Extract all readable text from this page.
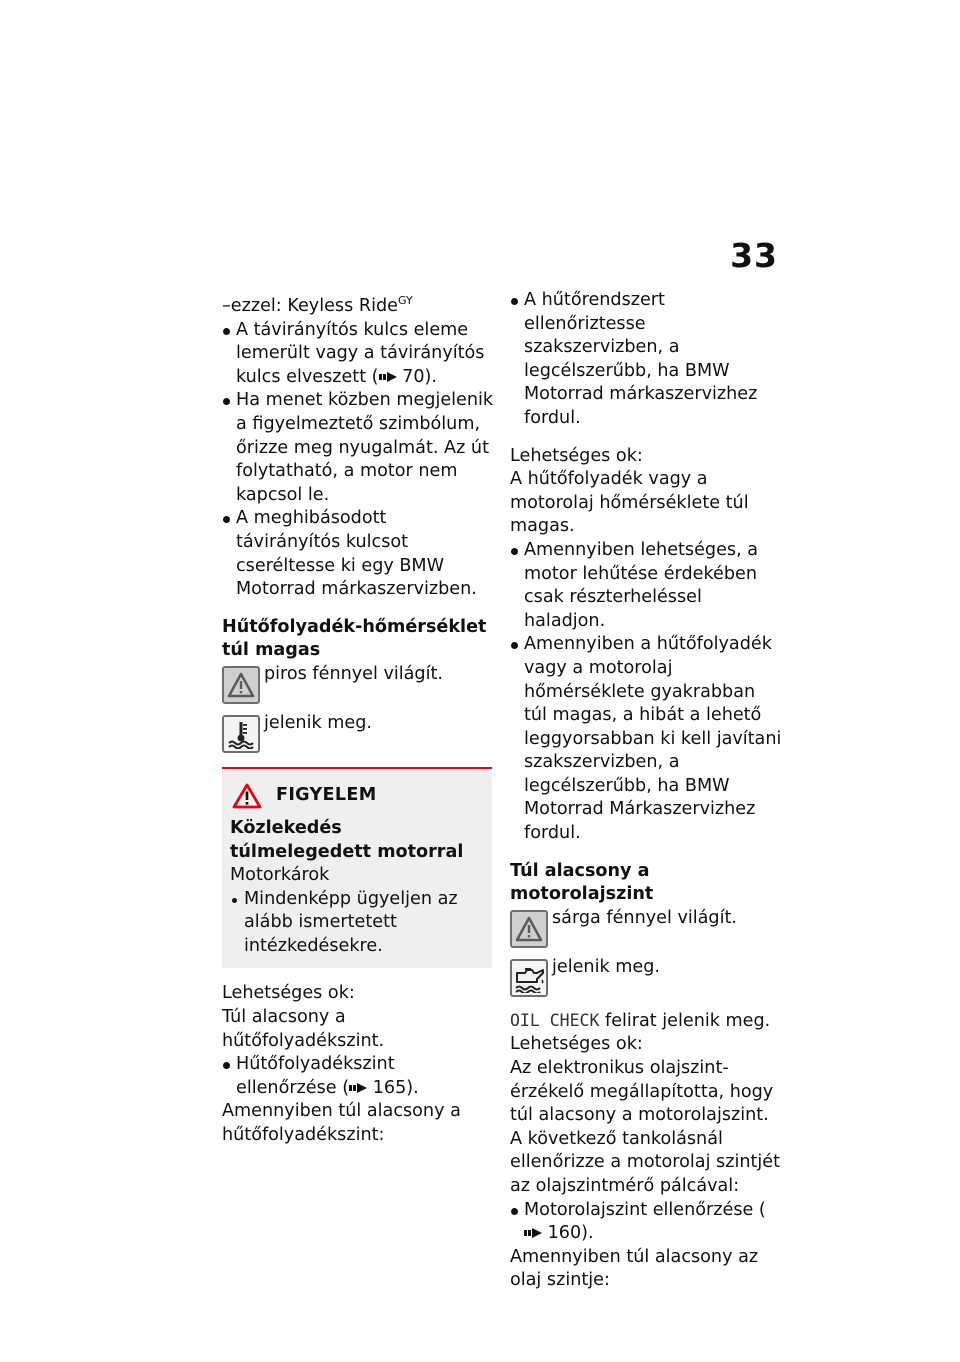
33

–ezzel: Keyless Ride$^{GY}$

A távirányítós kulcs eleme lemerült vagy a távirányítós kulcs elveszett ( 70).

Ha menet közben megjelenik a figyelmeztető szimbólum, őrizze meg nyugalmát. Az út folytatható, a motor nem kapcsol le.

A meghibásodott távirányítós kulcsot cseréltesse ki egy BMW Motorrad márkaszervizben.

Hűtőfolyadék-hőmérséklet túl magas

piros fénnyel világít.
jelenik meg.
FIGYELEM

Közlekedés túlmelegedett motorral

Motorkárok

Mindenképp ügyeljen az alább ismertetett intézkedésekre.

Lehetséges ok:

Túl alacsony a hűtőfolyadékszint.

Hűtőfolyadékszint ellenőrzése ( 165).

Amennyiben túl alacsony a hűtőfolyadékszint:

A hűtőrendszert ellenőriztesse szakszervizben, a legcélszerűbb, ha BMW Motorrad márkaszervizhez fordul.

Lehetséges ok:

A hűtőfolyadék vagy a motorolaj hőmérséklete túl magas.

Amennyiben lehetséges, a motor lehűtése érdekében csak részterheléssel haladjon.

Amennyiben a hűtőfolyadék vagy a motorolaj hőmérséklete gyakrabban túl magas, a hibát a lehető leggyorsabban ki kell javítani szakszervizben, a legcélszerűbb, ha BMW Motorrad Márkaszervizhez fordul.

Túl alacsony a motorolajszint

sárga fénnyel világít.
jelenik meg.

OIL CHECK felirat jelenik meg.

Lehetséges ok:

Az elektronikus olajszint-érzékelő megállapította, hogy túl alacsony a motorolajszint. A következő tankolásnál ellenőrizze a motorolaj szintjét az olajszintmérő pálcával:

Motorolajszint ellenőrzése ( 160).

Amennyiben túl alacsony az olaj szintje:
